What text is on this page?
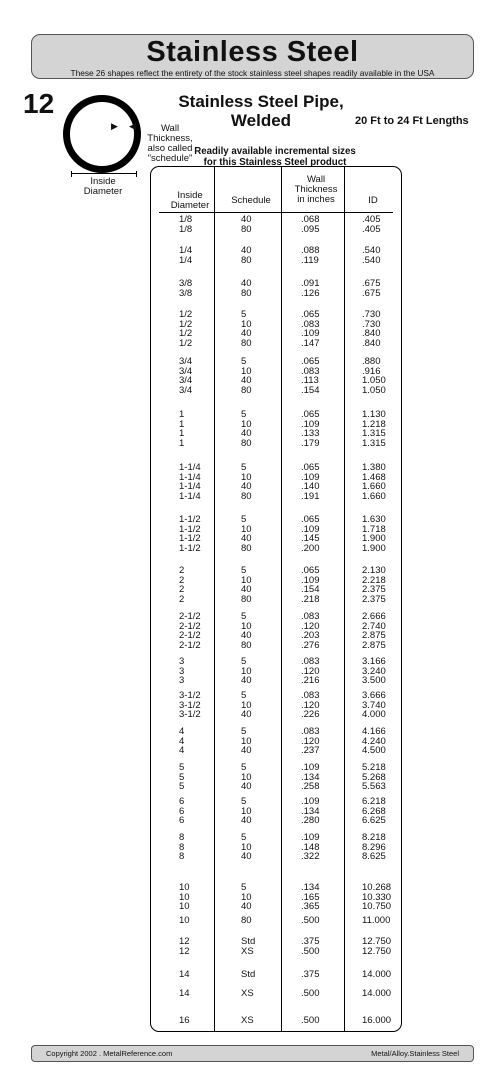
Stainless Steel
These 26 shapes reflect the entirety of the stock stainless steel shapes readily available in the USA
12
▶ ◀	Wall
Thickness,
also called
"schedule"
Inside
Diameter
Stainless Steel Pipe,
Welded	20 Ft to 24 Ft Lengths
Readily available incremental sizes
for this Stainless Steel product
Inside
Diameter	Schedule
Wall
Thickness
in inches	ID
1/8	40	.068	.405
1/8	80	.095	.405
1/4	40	.088	.540
1/4	80	.119	.540
3/8	40	.091	.675
3/8	80	.126	.675
1/2	5	.065	.730
1/2	10	.083	.730
1/2	40	.109	.840
1/2	80	.147	.840
3/4	5	.065	.880
3/4	10	.083	.916
3/4	40	.113	1.050
3/4	80	.154	1.050
1	5	.065	1.130
1	10	.109	1.218
1	40	.133	1.315
1	80	.179	1.315
1-1/4	5	.065	1.380
1-1/4	10	.109	1.468
1-1/4	40	.140	1.660
1-1/4	80	.191	1.660
1-1/2	5	.065	1.630
1-1/2	10	.109	1.718
1-1/2	40	.145	1.900
1-1/2	80	.200	1.900
2	5	.065	2.130
2	10	.109	2.218
2	40	.154	2.375
2	80	.218	2.375
2-1/2	5	.083	2.666
2-1/2	10	.120	2.740
2-1/2	40	.203	2.875
2-1/2	80	.276	2.875
3	5	.083	3.166
3	10	.120	3.240
3	40	.216	3.500
3-1/2	5	.083	3.666
3-1/2	10	.120	3.740
3-1/2	40	.226	4.000
4	5	.083	4.166
4	10	.120	4.240
4	40	.237	4.500
5	5	.109	5.218
5	10	.134	5.268
5	40	.258	5.563
6	5	.109	6.218
6	10	.134	6.268
6	40	.280	6.625
8	5	.109	8.218
8	10	.148	8.296
8	40	.322	8.625
10	5	.134	10.268
10	10	.165	10.330
10	40	.365	10.750
10	80	.500	11.000
12	Std	.375	12.750
12	XS	.500	12.750
14	Std	.375	14.000
14	XS	.500	14.000
16	XS	.500	16.000
Copyright 2002 . MetalReference.com	Metal/Alloy.Stainless Steel
